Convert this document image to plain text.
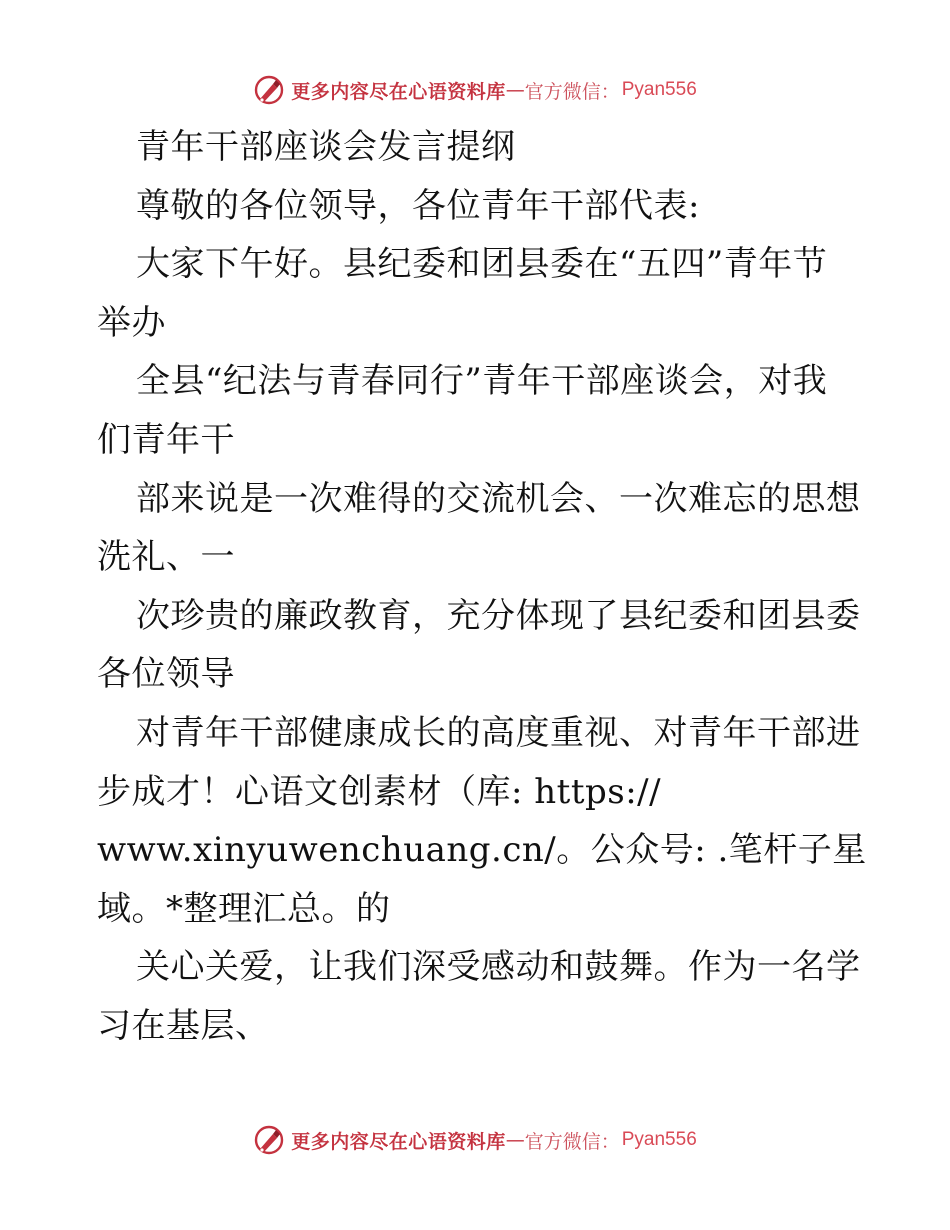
更多内容尽在心语资料库 — 官方微信： Pyan556
青年干部座谈会发言提纲
尊敬的各位领导，各位青年干部代表:
大家下午好。县纪委和团县委在“五四”青年节
举办
全县“纪法与青春同行”青年干部座谈会，对我
们青年干
部来说是一次难得的交流机会、一次难忘的思想
洗礼、一
次珍贵的廉政教育，充分体现了县纪委和团县委
各位领导
对青年干部健康成长的高度重视、对青年干部进
步成才！心语文创素材（库: https://
www.xinyuwenchuang.cn/。公众号: .笔杆子星
域。*整理汇总。的
关心关爱，让我们深受感动和鼓舞。作为一名学
习在基层、
更多内容尽在心语资料库 — 官方微信： Pyan556
